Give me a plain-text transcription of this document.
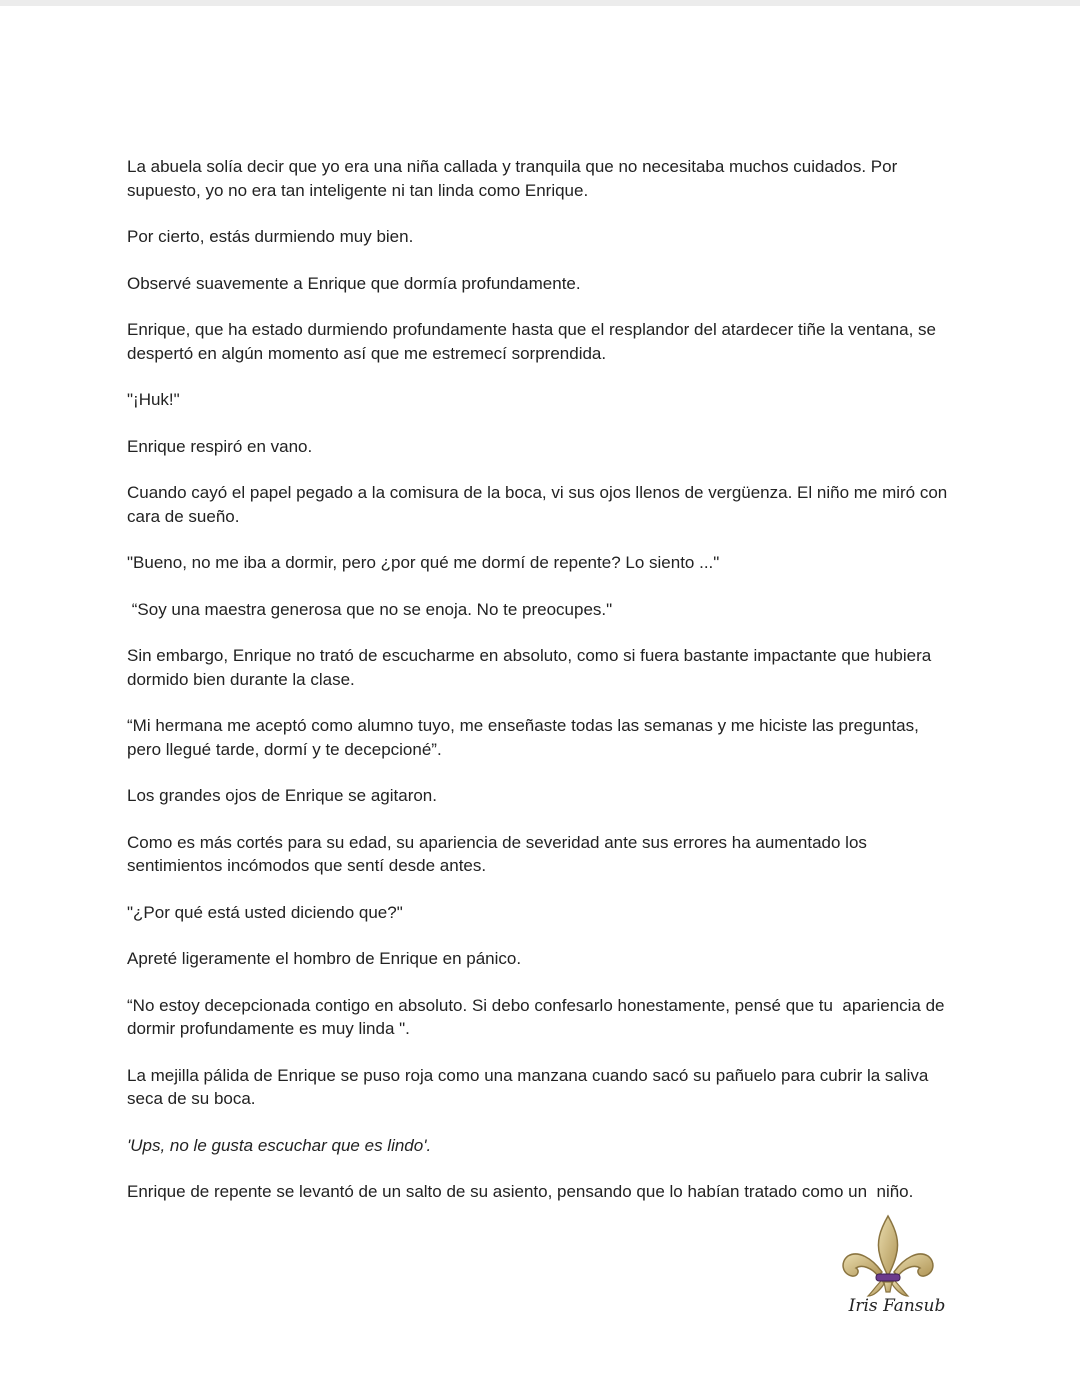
La abuela solía decir que yo era una niña callada y tranquila que no necesitaba muchos cuidados. Por supuesto, yo no era tan inteligente ni tan linda como Enrique.

Por cierto, estás durmiendo muy bien.

Observé suavemente a Enrique que dormía profundamente.

Enrique, que ha estado durmiendo profundamente hasta que el resplandor del atardecer tiñe la ventana, se despertó en algún momento así que me estremecí sorprendida.

"¡Huk!"

Enrique respiró en vano.

Cuando cayó el papel pegado a la comisura de la boca, vi sus ojos llenos de vergüenza. El niño me miró con cara de sueño.

"Bueno, no me iba a dormir, pero ¿por qué me dormí de repente? Lo siento ..."

“Soy una maestra generosa que no se enoja. No te preocupes."

Sin embargo, Enrique no trató de escucharme en absoluto, como si fuera bastante impactante que hubiera dormido bien durante la clase.

“Mi hermana me aceptó como alumno tuyo, me enseñaste todas las semanas y me hiciste las preguntas, pero llegué tarde, dormí y te decepcioné”.

Los grandes ojos de Enrique se agitaron.

Como es más cortés para su edad, su apariencia de severidad ante sus errores ha aumentado los sentimientos incómodos que sentí desde antes.

"¿Por qué está usted diciendo que?"

Apreté ligeramente el hombro de Enrique en pánico.

“No estoy decepcionada contigo en absoluto. Si debo confesarlo honestamente, pensé que tu  apariencia de dormir profundamente es muy linda ".

La mejilla pálida de Enrique se puso roja como una manzana cuando sacó su pañuelo para cubrir la saliva seca de su boca.

'Ups, no le gusta escuchar que es lindo'.

Enrique de repente se levantó de un salto de su asiento, pensando que lo habían tratado como un  niño.

Iris Fansub
